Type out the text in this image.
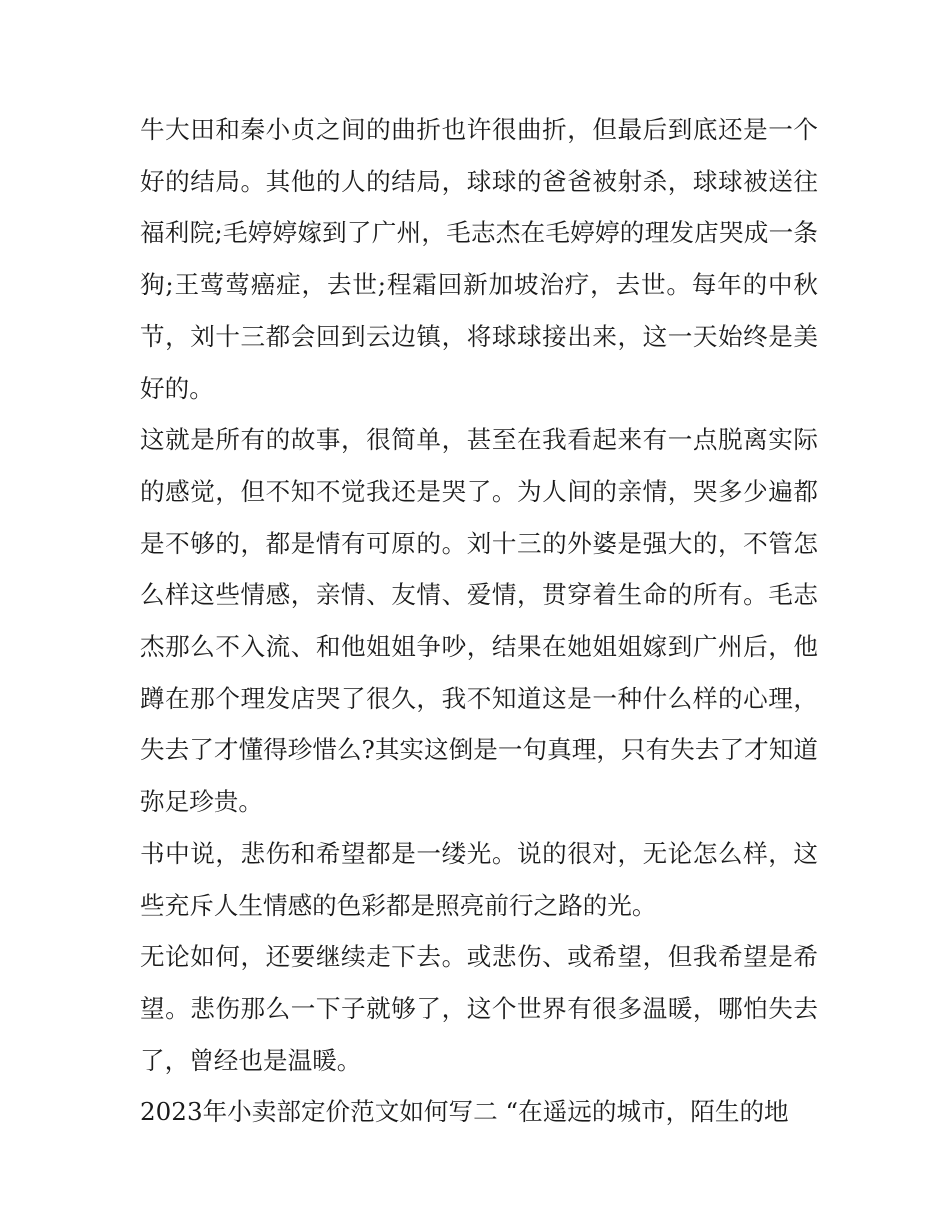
牛大田和秦小贞之间的曲折也许很曲折，但最后到底还是一个好的结局。其他的人的结局，球球的爸爸被射杀，球球被送往福利院;毛婷婷嫁到了广州，毛志杰在毛婷婷的理发店哭成一条狗;王莺莺癌症，去世;程霜回新加坡治疗，去世。每年的中秋节，刘十三都会回到云边镇，将球球接出来，这一天始终是美好的。

这就是所有的故事，很简单，甚至在我看起来有一点脱离实际的感觉，但不知不觉我还是哭了。为人间的亲情，哭多少遍都是不够的，都是情有可原的。刘十三的外婆是强大的，不管怎么样这些情感，亲情、友情、爱情，贯穿着生命的所有。毛志杰那么不入流、和他姐姐争吵，结果在她姐姐嫁到广州后，他蹲在那个理发店哭了很久，我不知道这是一种什么样的心理，失去了才懂得珍惜么?其实这倒是一句真理，只有失去了才知道弥足珍贵。

书中说，悲伤和希望都是一缕光。说的很对，无论怎么样，这些充斥人生情感的色彩都是照亮前行之路的光。

无论如何，还要继续走下去。或悲伤、或希望，但我希望是希望。悲伤那么一下子就够了，这个世界有很多温暖，哪怕失去了，曾经也是温暖。

2023年小卖部定价范文如何写二 “在遥远的城市，陌生的地
